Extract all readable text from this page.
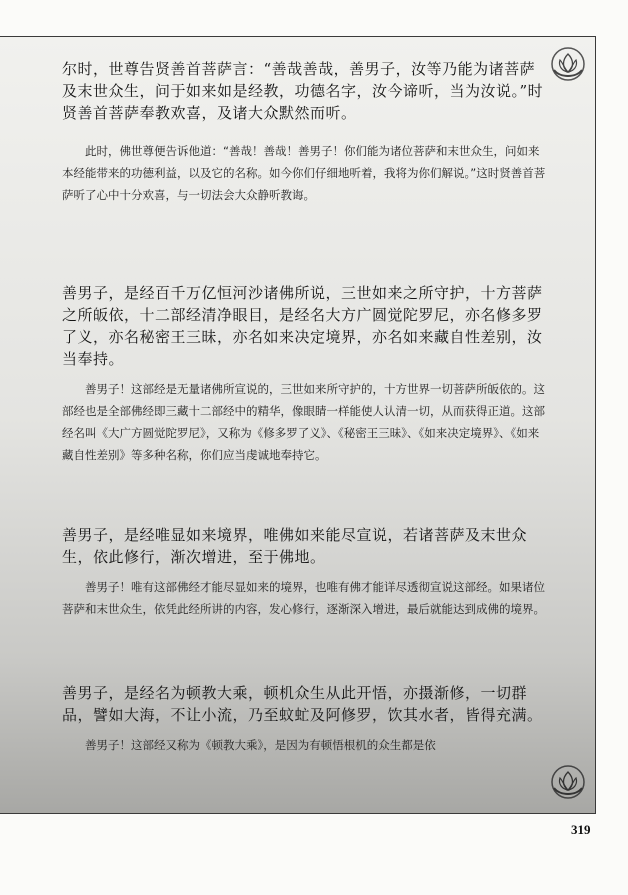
尔时，世尊告贤善首菩萨言：“善哉善哉，善男子，汝等乃能为诸菩萨及末世众生，问于如来如是经教，功德名字，汝今谛听，当为汝说。”时贤善首菩萨奉教欢喜，及诸大众默然而听。

此时，佛世尊便告诉他道：“善哉！善哉！善男子！你们能为诸位菩萨和末世众生，问如来本经能带来的功德利益，以及它的名称。如今你们仔细地听着，我将为你们解说。”这时贤善首菩萨听了心中十分欢喜，与一切法会大众静听教诲。

善男子，是经百千万亿恒河沙诸佛所说，三世如来之所守护，十方菩萨之所皈依，十二部经清净眼目，是经名大方广圆觉陀罗尼，亦名修多罗了义，亦名秘密王三昧，亦名如来决定境界，亦名如来藏自性差别，汝当奉持。

善男子！这部经是无量诸佛所宣说的，三世如来所守护的，十方世界一切菩萨所皈依的。这部经也是全部佛经即三藏十二部经中的精华，像眼睛一样能使人认清一切，从而获得正道。这部经名叫《大广方圆觉陀罗尼》，又称为《修多罗了义》、《秘密王三昧》、《如来决定境界》、《如来藏自性差别》等多种名称，你们应当虔诚地奉持它。

善男子，是经唯显如来境界，唯佛如来能尽宣说，若诸菩萨及末世众生，依此修行，渐次增进，至于佛地。

善男子！唯有这部佛经才能尽显如来的境界，也唯有佛才能详尽透彻宣说这部经。如果诸位菩萨和末世众生，依凭此经所讲的内容，发心修行，逐渐深入增进，最后就能达到成佛的境界。

善男子，是经名为顿教大乘，顿机众生从此开悟，亦摄渐修，一切群品，譬如大海，不让小流，乃至蚊虻及阿修罗，饮其水者，皆得充满。

善男子！这部经又称为《顿教大乘》，是因为有顿悟根机的众生都是依

319
